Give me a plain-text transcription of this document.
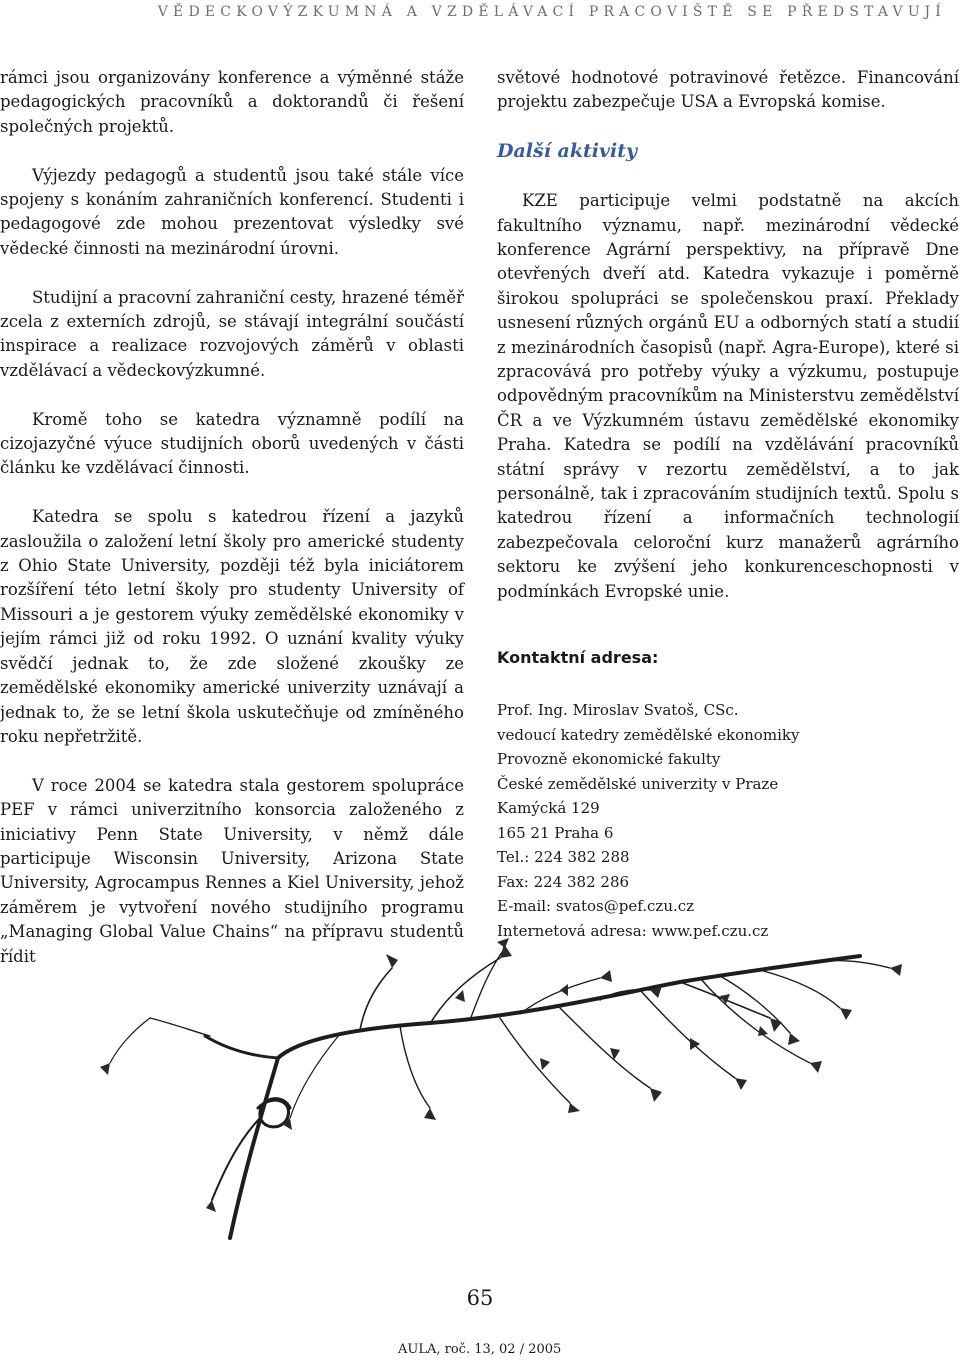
VĚDECKOVÝZKUMNÁ A VZDĚLÁVACÍ PRACOVIŠTĚ SE PŘEDSTAVUJÍ

rámci jsou organizovány konference a výměnné stáže pedagogických pracovníků a doktorandů či řešení společných projektů.

Výjezdy pedagogů a studentů jsou také stále více spojeny s konáním zahraničních konferencí. Studenti i pedagogové zde mohou prezentovat výsledky své vědecké činnosti na mezinárodní úrovni.

Studijní a pracovní zahraniční cesty, hrazené téměř zcela z externích zdrojů, se stávají integrální součástí inspirace a realizace rozvojových záměrů v oblasti vzdělávací a vědeckovýzkumné.

Kromě toho se katedra významně podílí na cizojazyčné výuce studijních oborů uvedených v části článku ke vzdělávací činnosti.

Katedra se spolu s katedrou řízení a jazyků zasloužila o založení letní školy pro americké studenty z Ohio State University, později též byla iniciátorem rozšíření této letní školy pro studenty University of Missouri a je gestorem výuky zemědělské ekonomiky v jejím rámci již od roku 1992. O uznání kvality výuky svědčí jednak to, že zde složené zkoušky ze zemědělské ekonomiky americké univerzity uznávají a jednak to, že se letní škola uskutečňuje od zmíněného roku nepřetržitě.

V roce 2004 se katedra stala gestorem spolupráce PEF v rámci univerzitního konsorcia založeného z iniciativy Penn State University, v němž dále participuje Wisconsin University, Arizona State University, Agrocampus Rennes a Kiel University, jehož záměrem je vytvoření nového studijního programu „Managing Global Value Chains“ na přípravu studentů řídit

světové hodnotové potravinové řetězce. Financování projektu zabezpečuje USA a Evropská komise.

Další aktivity

KZE participuje velmi podstatně na akcích fakultního významu, např. mezinárodní vědecké konference Agrární perspektivy, na přípravě Dne otevřených dveří atd. Katedra vykazuje i poměrně širokou spolupráci se společenskou praxí. Překlady usnesení různých orgánů EU a odborných statí a studií z mezinárodních časopisů (např. Agra-Europe), které si zpracovává pro potřeby výuky a výzkumu, postupuje odpovědným pracovníkům na Ministerstvu zemědělství ČR a ve Výzkumném ústavu zemědělské ekonomiky Praha. Katedra se podílí na vzdělávání pracovníků státní správy v rezortu zemědělství, a to jak personálně, tak i zpracováním studijních textů. Spolu s katedrou řízení a informačních technologií zabezpečovala celoroční kurz manažerů agrárního sektoru ke zvýšení jeho konkurenceschopnosti v podmínkách Evropské unie.

Kontaktní adresa:
Prof. Ing. Miroslav Svatoš, CSc.
vedoucí katedry zemědělské ekonomiky
Provozně ekonomické fakulty
České zemědělské univerzity v Praze
Kamýcká 129
165 21 Praha 6
Tel.: 224 382 288
Fax: 224 382 286
E-mail: svatos@pef.czu.cz
Internetová adresa: www.pef.czu.cz
65
AULA, roč. 13, 02 / 2005
